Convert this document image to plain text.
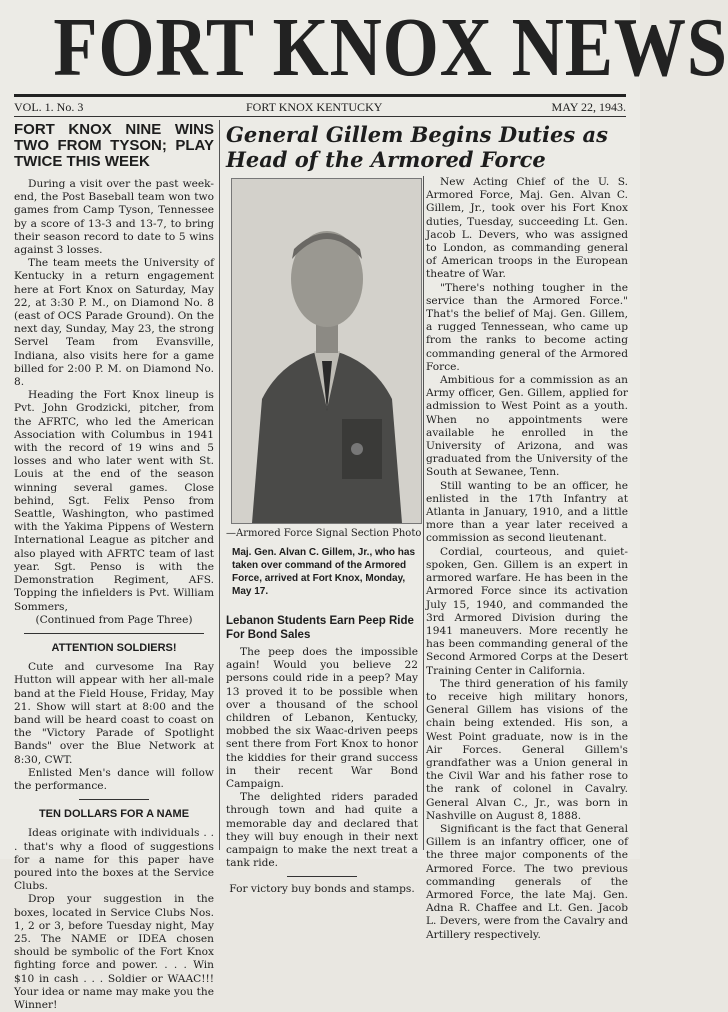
FORT KNOX NEWS
VOL. 1. No. 3	FORT KNOX KENTUCKY	MAY 22, 1943.
FORT KNOX NINE WINS TWO FROM TYSON; PLAY TWICE THIS WEEK

During a visit over the past week-end, the Post Baseball team won two games from Camp Tyson, Tennessee by a score of 13-3 and 13-7, to bring their season record to date to 5 wins against 3 losses.

The team meets the University of Kentucky in a return engagement here at Fort Knox on Saturday, May 22, at 3:30 P. M., on Diamond No. 8 (east of OCS Parade Ground). On the next day, Sunday, May 23, the strong Servel Team from Evansville, Indiana, also visits here for a game billed for 2:00 P. M. on Diamond No. 8.

Heading the Fort Knox lineup is Pvt. John Grodzicki, pitcher, from the AFRTC, who led the American Association with Columbus in 1941 with the record of 19 wins and 5 losses and who later went with St. Louis at the end of the season winning several games. Close behind, Sgt. Felix Penso from Seattle, Washington, who pastimed with the Yakima Pippens of Western International League as pitcher and also played with AFRTC team of last year. Sgt. Penso is with the Demonstration Regiment, AFS. Topping the infielders is Pvt. William Sommers,

(Continued from Page Three)

ATTENTION SOLDIERS!

Cute and curvesome Ina Ray Hutton will appear with her all-male band at the Field House, Friday, May 21. Show will start at 8:00 and the band will be heard coast to coast on the "Victory Parade of Spotlight Bands" over the Blue Network at 8:30, CWT.

Enlisted Men's dance will follow the performance.

TEN DOLLARS FOR A NAME

Ideas originate with individuals . . . that's why a flood of suggestions for a name for this paper have poured into the boxes at the Service Clubs.

Drop your suggestion in the boxes, located in Service Clubs Nos. 1, 2 or 3, before Tuesday night, May 25. The NAME or IDEA chosen should be symbolic of the Fort Knox fighting force and power. . . . Win $10 in cash . . . Soldier or WAAC!!! Your idea or name may make you the Winner!

General Gillem Begins Duties as Head of the Armored Force
—Armored Force Signal Section Photo
Maj. Gen. Alvan C. Gillem, Jr., who has taken over command of the Armored Force, arrived at Fort Knox, Monday, May 17.
Lebanon Students Earn Peep Ride For Bond Sales

The peep does the impossible again! Would you believe 22 persons could ride in a peep? May 13 proved it to be possible when over a thousand of the school children of Lebanon, Kentucky, mobbed the six Waac-driven peeps sent there from Fort Knox to honor the kiddies for their grand success in their recent War Bond Campaign.

The delighted riders paraded through town and had quite a memorable day and declared that they will buy enough in their next campaign to make the next treat a tank ride.

For victory buy bonds and stamps.

New Acting Chief of the U. S. Armored Force, Maj. Gen. Alvan C. Gillem, Jr., took over his Fort Knox duties, Tuesday, succeeding Lt. Gen. Jacob L. Devers, who was assigned to London, as commanding general of American troops in the European theatre of War.

"There's nothing tougher in the service than the Armored Force." That's the belief of Maj. Gen. Gillem, a rugged Tennessean, who came up from the ranks to become acting commanding general of the Armored Force.

Ambitious for a commission as an Army officer, Gen. Gillem, applied for admission to West Point as a youth. When no appointments were available he enrolled in the University of Arizona, and was graduated from the University of the South at Sewanee, Tenn.

Still wanting to be an officer, he enlisted in the 17th Infantry at Atlanta in January, 1910, and a little more than a year later received a commission as second lieutenant.

Cordial, courteous, and quiet-spoken, Gen. Gillem is an expert in armored warfare. He has been in the Armored Force since its activation July 15, 1940, and commanded the 3rd Armored Division during the 1941 maneuvers. More recently he has been commanding general of the Second Armored Corps at the Desert Training Center in California.

The third generation of his family to receive high military honors, General Gillem has visions of the chain being extended. His son, a West Point graduate, now is in the Air Forces. General Gillem's grandfather was a Union general in the Civil War and his father rose to the rank of colonel in Cavalry. General Alvan C., Jr., was born in Nashville on August 8, 1888.

Significant is the fact that General Gillem is an infantry officer, one of the three major components of the Armored Force. The two previous commanding generals of the Armored Force, the late Maj. Gen. Adna R. Chaffee and Lt. Gen. Jacob L. Devers, were from the Cavalry and Artillery respectively.
